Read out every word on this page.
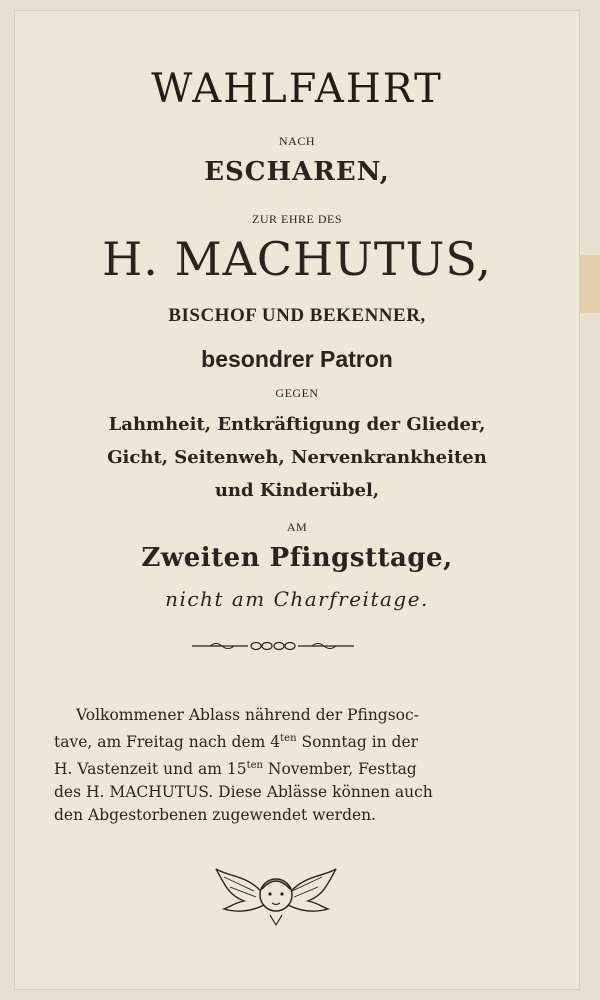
WAHLFAHRT
NACH
ESCHAREN,
ZUR EHRE DES
H. MACHUTUS,
BISCHOF UND BEKENNER,
besondrer Patron
GEGEN
Lahmheit, Entkräftigung der Glieder,
Gicht, Seitenweh, Nervenkrankheiten
und Kinderübel,
AM
Zweiten Pfingsttage,
nicht am Charfreitage.

Volkommener Ablass nährend der Pfingsoc-

tave, am Freitag nach dem $4^{ten}$ Sonntag in der

H. Vastenzeit und am $15^{ten}$ November, Festtag

des H. MACHUTUS. Diese Ablässe können auch

den Abgestorbenen zugewendet werden.
